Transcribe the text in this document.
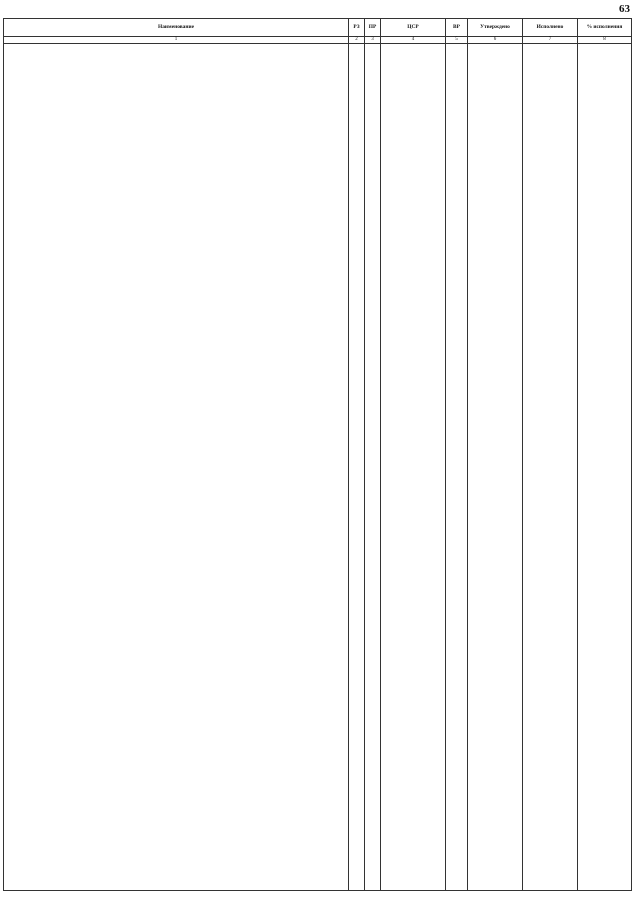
63
Наименование	РЗ	ПР	ЦСР	ВР	Утверждено	Исполнено	% исполнения
1	2	3	4	5	6	7	8
